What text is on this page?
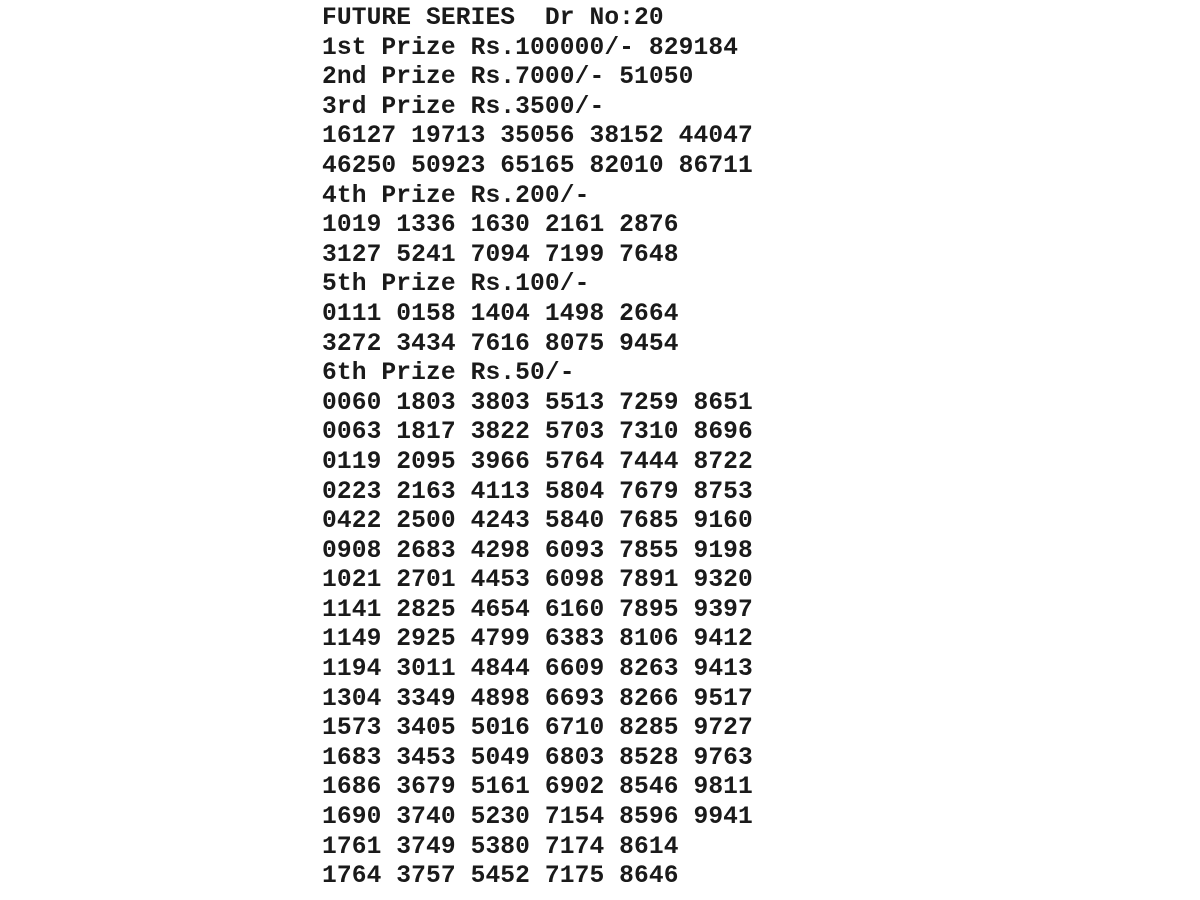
FUTURE SERIES Dr No:20
1st Prize Rs.100000/- 829184
2nd Prize Rs.7000/- 51050
3rd Prize Rs.3500/-
16127 19713 35056 38152 44047
46250 50923 65165 82010 86711
4th Prize Rs.200/-
1019 1336 1630 2161 2876
3127 5241 7094 7199 7648
5th Prize Rs.100/-
0111 0158 1404 1498 2664
3272 3434 7616 8075 9454
6th Prize Rs.50/-
0060 1803 3803 5513 7259 8651
0063 1817 3822 5703 7310 8696
0119 2095 3966 5764 7444 8722
0223 2163 4113 5804 7679 8753
0422 2500 4243 5840 7685 9160
0908 2683 4298 6093 7855 9198
1021 2701 4453 6098 7891 9320
1141 2825 4654 6160 7895 9397
1149 2925 4799 6383 8106 9412
1194 3011 4844 6609 8263 9413
1304 3349 4898 6693 8266 9517
1573 3405 5016 6710 8285 9727
1683 3453 5049 6803 8528 9763
1686 3679 5161 6902 8546 9811
1690 3740 5230 7154 8596 9941
1761 3749 5380 7174 8614
1764 3757 5452 7175 8646
